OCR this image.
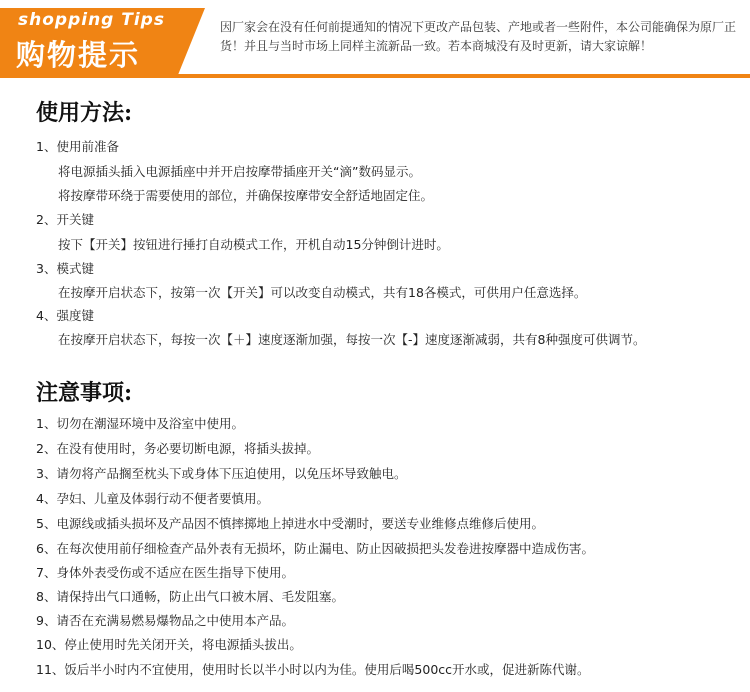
shopping Tips
购物提示
因厂家会在没有任何前提通知的情况下更改产品包装、产地或者一些附件，本公司能确保为原厂正货！并且与当时市场上同样主流新品一致。若本商城没有及时更新，请大家谅解！
使用方法:
1、使用前准备
将电源插头插入电源插座中并开启按摩带插座开关“滴”数码显示。
将按摩带环绕于需要使用的部位，并确保按摩带安全舒适地固定住。
2、开关键
按下【开关】按钮进行捶打自动模式工作，开机自动15分钟倒计进时。
3、模式键
在按摩开启状态下，按第一次【开关】可以改变自动模式，共有18各模式，可供用户任意选择。
4、强度键
在按摩开启状态下，每按一次【＋】速度逐渐加强，每按一次【-】速度逐渐减弱，共有8种强度可供调节。
注意事项:
1、切勿在潮湿环境中及浴室中使用。
2、在没有使用时，务必要切断电源，将插头拔掉。
3、请勿将产品搁至枕头下或身体下压迫使用，以免压坏导致触电。
4、孕妇、儿童及体弱行动不便者要慎用。
5、电源线或插头损坏及产品因不慎摔掷地上掉进水中受潮时，要送专业维修点维修后使用。
6、在每次使用前仔细检查产品外表有无损坏，防止漏电、防止因破损把头发卷进按摩器中造成伤害。
7、身体外表受伤或不适应在医生指导下使用。
8、请保持出气口通畅，防止出气口被木屑、毛发阻塞。
9、请否在充满易燃易爆物品之中使用本产品。
10、停止使用时先关闭开关，将电源插头拔出。
11、饭后半小时内不宜使用，使用时长以半小时以内为佳。使用后喝500cc开水或，促进新陈代谢。
